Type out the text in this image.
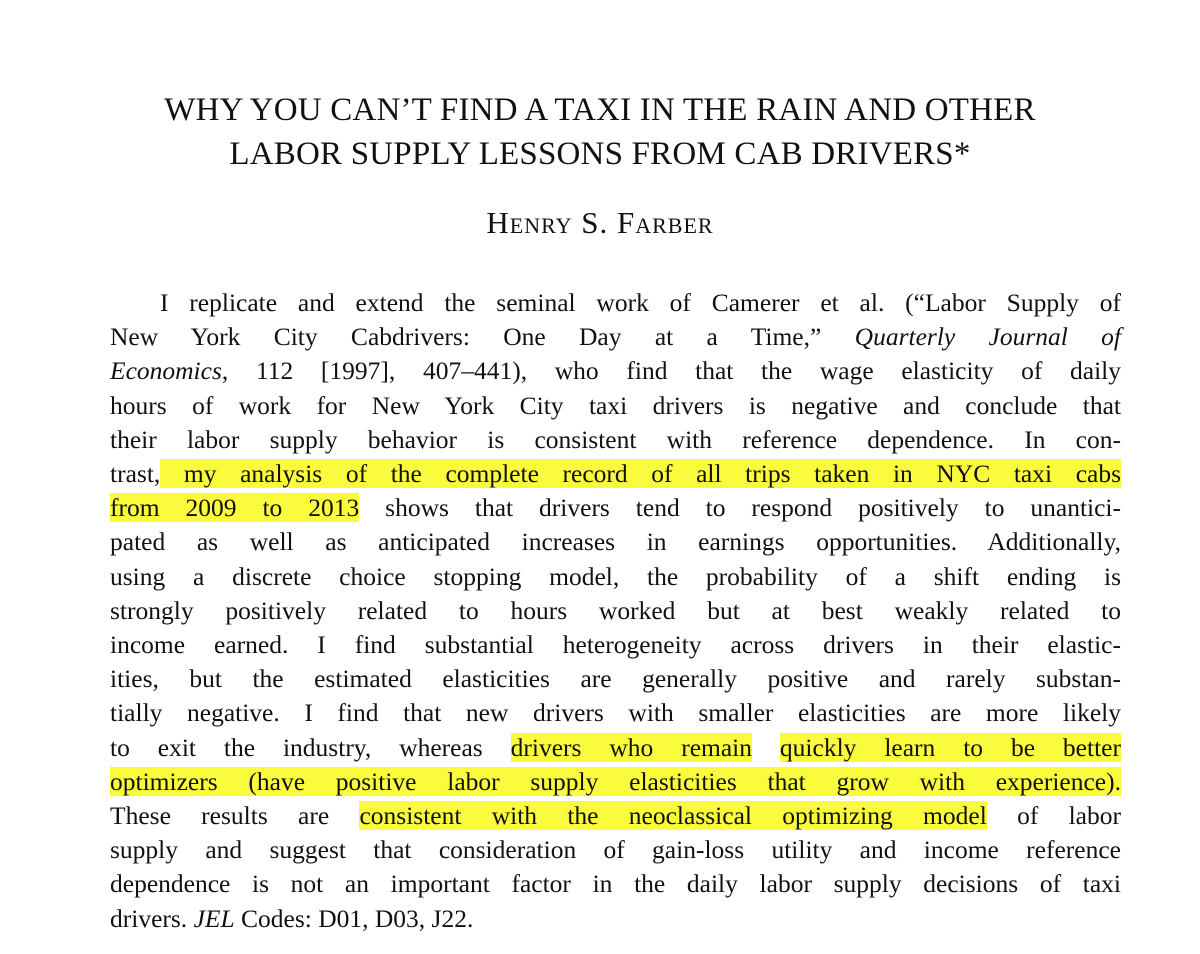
WHY YOU CAN’T FIND A TAXI IN THE RAIN AND OTHER
LABOR SUPPLY LESSONS FROM CAB DRIVERS*
Henry S. Farber
I replicate and extend the seminal work of Camerer et al. (“Labor Supply of
New York City Cabdrivers: One Day at a Time,” Quarterly Journal of
Economics, 112 [1997], 407–441), who find that the wage elasticity of daily
hours of work for New York City taxi drivers is negative and conclude that
their labor supply behavior is consistent with reference dependence. In con-
trast, my analysis of the complete record of all trips taken in NYC taxi cabs
from 2009 to 2013 shows that drivers tend to respond positively to unantici-
pated as well as anticipated increases in earnings opportunities. Additionally,
using a discrete choice stopping model, the probability of a shift ending is
strongly positively related to hours worked but at best weakly related to
income earned. I find substantial heterogeneity across drivers in their elastic-
ities, but the estimated elasticities are generally positive and rarely substan-
tially negative. I find that new drivers with smaller elasticities are more likely
to exit the industry, whereas drivers who remain quickly learn to be better
optimizers (have positive labor supply elasticities that grow with experience).
These results are consistent with the neoclassical optimizing model of labor
supply and suggest that consideration of gain-loss utility and income reference
dependence is not an important factor in the daily labor supply decisions of taxi
drivers. JEL Codes: D01, D03, J22.
